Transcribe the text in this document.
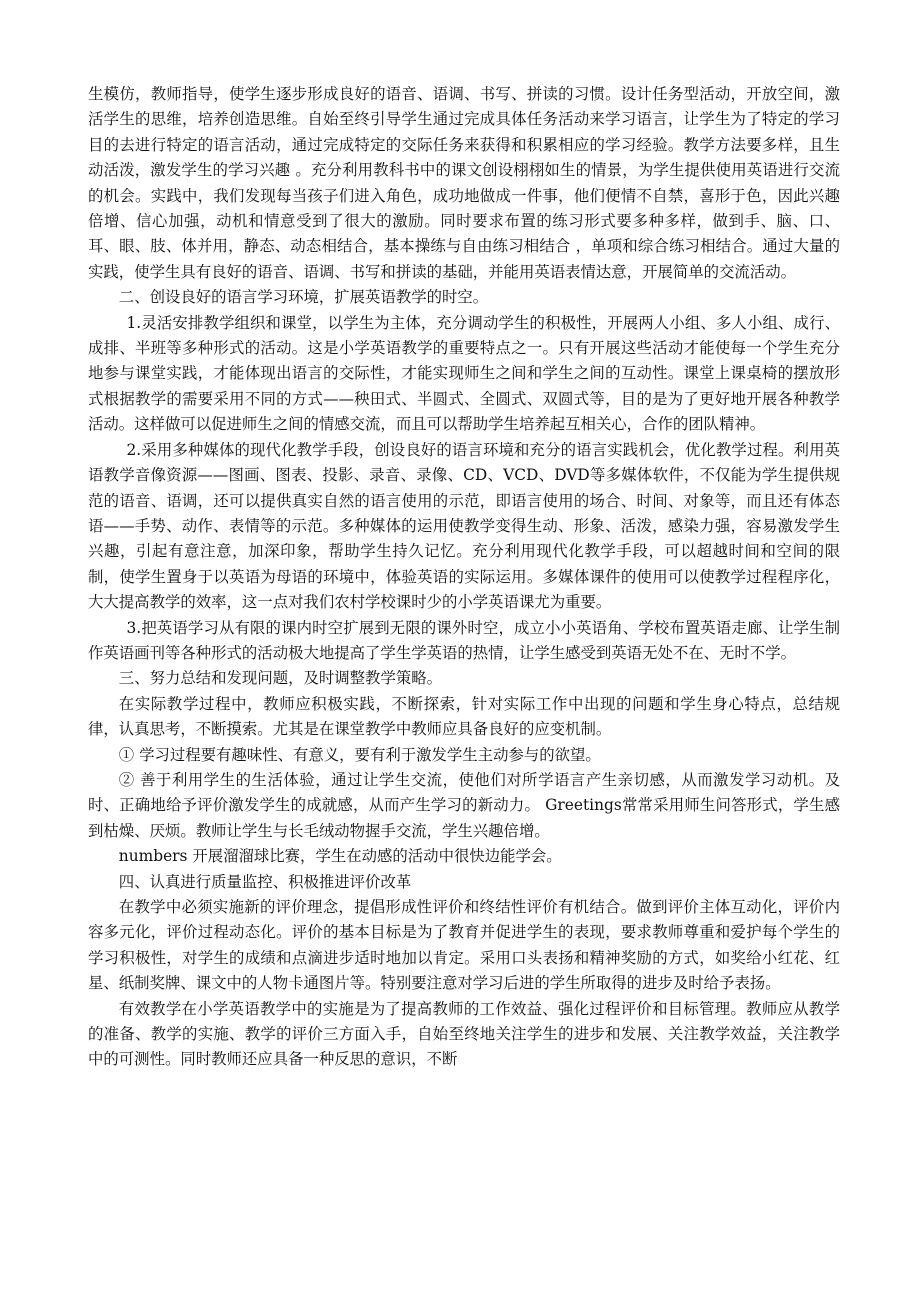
生模仿，教师指导，使学生逐步形成良好的语音、语调、书写、拼读的习惯。设计任务型活动，开放空间，激活学生的思维，培养创造思维。自始至终引导学生通过完成具体任务活动来学习语言，让学生为了特定的学习目的去进行特定的语言活动，通过完成特定的交际任务来获得和积累相应的学习经验。教学方法要多样，且生动活泼，激发学生的学习兴趣 。充分利用教科书中的课文创设栩栩如生的情景，为学生提供使用英语进行交流的机会。实践中，我们发现每当孩子们进入角色，成功地做成一件事，他们便情不自禁，喜形于色，因此兴趣倍增、信心加强，动机和情意受到了很大的激励。同时要求布置的练习形式要多种多样，做到手、脑、口、耳、眼、肢、体并用，静态、动态相结合，基本操练与自由练习相结合 ，单项和综合练习相结合。通过大量的实践，使学生具有良好的语音、语调、书写和拼读的基础，并能用英语表情达意，开展简单的交流活动。

二、创设良好的语言学习环境，扩展英语教学的时空。

1.灵活安排教学组织和课堂，以学生为主体，充分调动学生的积极性，开展两人小组、多人小组、成行、成排、半班等多种形式的活动。这是小学英语教学的重要特点之一。只有开展这些活动才能使每一个学生充分地参与课堂实践，才能体现出语言的交际性，才能实现师生之间和学生之间的互动性。课堂上课桌椅的摆放形式根据教学的需要采用不同的方式——秧田式、半圆式、全圆式、双圆式等，目的是为了更好地开展各种教学活动。这样做可以促进师生之间的情感交流，而且可以帮助学生培养起互相关心，合作的团队精神。

2.采用多种媒体的现代化教学手段，创设良好的语言环境和充分的语言实践机会，优化教学过程。利用英语教学音像资源——图画、图表、投影、录音、录像、CD、VCD、DVD等多媒体软件，不仅能为学生提供规范的语音、语调，还可以提供真实自然的语言使用的示范，即语言使用的场合、时间、对象等，而且还有体态语——手势、动作、表情等的示范。多种媒体的运用使教学变得生动、形象、活泼，感染力强，容易激发学生兴趣，引起有意注意，加深印象，帮助学生持久记忆。充分利用现代化教学手段，可以超越时间和空间的限制，使学生置身于以英语为母语的环境中，体验英语的实际运用。多媒体课件的使用可以使教学过程程序化，大大提高教学的效率，这一点对我们农村学校课时少的小学英语课尤为重要。

3.把英语学习从有限的课内时空扩展到无限的课外时空，成立小小英语角、学校布置英语走廊、让学生制作英语画刊等各种形式的活动极大地提高了学生学英语的热情，让学生感受到英语无处不在、无时不学。

三、努力总结和发现问题，及时调整教学策略。

在实际教学过程中，教师应积极实践，不断探索，针对实际工作中出现的问题和学生身心特点，总结规律，认真思考，不断摸索。尤其是在课堂教学中教师应具备良好的应变机制。

① 学习过程要有趣味性、有意义，要有利于激发学生主动参与的欲望。

② 善于利用学生的生活体验，通过让学生交流，使他们对所学语言产生亲切感，从而激发学习动机。及时、正确地给予评价激发学生的成就感，从而产生学习的新动力。 Greetings常常采用师生问答形式，学生感到枯燥、厌烦。教师让学生与长毛绒动物握手交流，学生兴趣倍增。

numbers 开展溜溜球比赛，学生在动感的活动中很快边能学会。

四、认真进行质量监控、积极推进评价改革

在教学中必须实施新的评价理念，提倡形成性评价和终结性评价有机结合。做到评价主体互动化，评价内容多元化，评价过程动态化。评价的基本目标是为了教育并促进学生的表现，要求教师尊重和爱护每个学生的学习积极性，对学生的成绩和点滴进步适时地加以肯定。采用口头表扬和精神奖励的方式，如奖给小红花、红星、纸制奖牌、课文中的人物卡通图片等。特别要注意对学习后进的学生所取得的进步及时给予表扬。

有效教学在小学英语教学中的实施是为了提高教师的工作效益、强化过程评价和目标管理。教师应从教学的准备、教学的实施、教学的评价三方面入手，自始至终地关注学生的进步和发展、关注教学效益，关注教学中的可测性。同时教师还应具备一种反思的意识，不断
